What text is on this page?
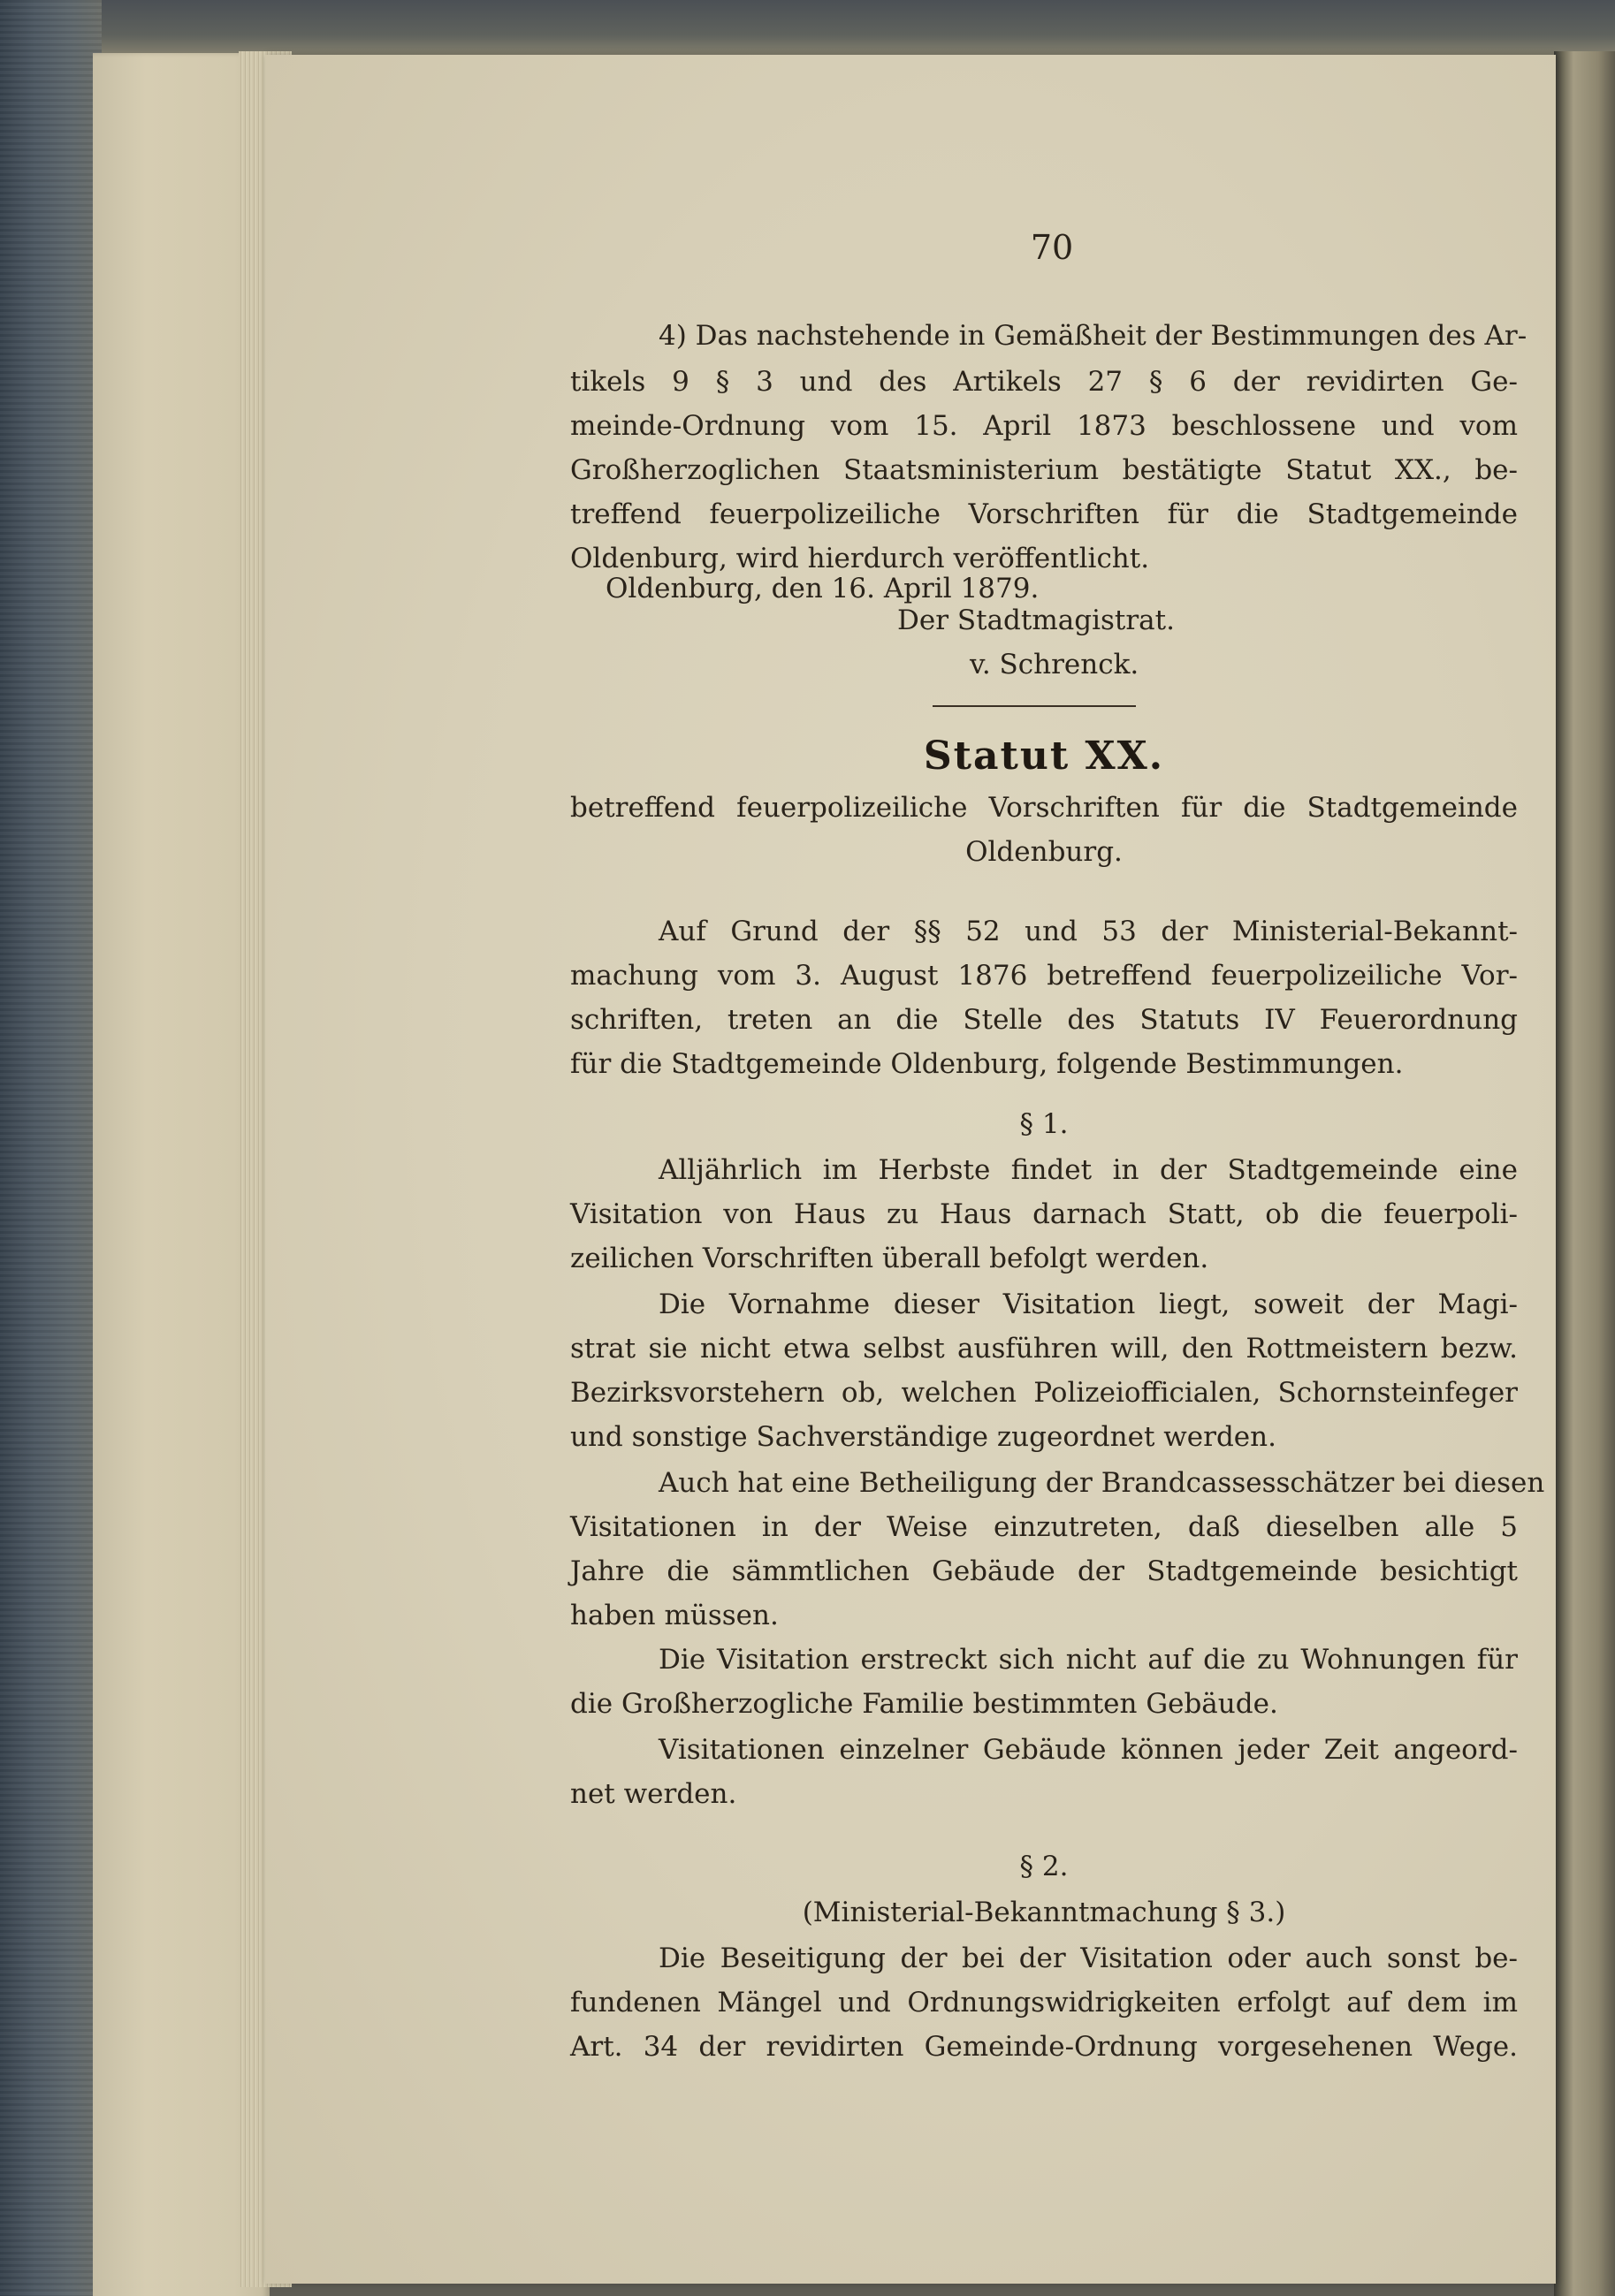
70
4) Das nachstehende in Gemäßheit der Bestimmungen des Ar-
tikels 9 § 3 und des Artikels 27 § 6 der revidirten Ge-
meinde-Ordnung vom 15. April 1873 beschlossene und vom
Großherzoglichen Staatsministerium bestätigte Statut XX., be-
treffend feuerpolizeiliche Vorschriften für die Stadtgemeinde
Oldenburg, wird hierdurch veröffentlicht.
Oldenburg, den 16. April 1879.
Der Stadtmagistrat.
v. Schrenck.
Statut XX.
betreffend feuerpolizeiliche Vorschriften für die Stadtgemeinde
Oldenburg.
Auf Grund der §§ 52 und 53 der Ministerial-Bekannt-
machung vom 3. August 1876 betreffend feuerpolizeiliche Vor-
schriften, treten an die Stelle des Statuts IV Feuerordnung
für die Stadtgemeinde Oldenburg, folgende Bestimmungen.
§ 1.
Alljährlich im Herbste findet in der Stadtgemeinde eine
Visitation von Haus zu Haus darnach Statt, ob die feuerpoli-
zeilichen Vorschriften überall befolgt werden.
Die Vornahme dieser Visitation liegt, soweit der Magi-
strat sie nicht etwa selbst ausführen will, den Rottmeistern bezw.
Bezirksvorstehern ob, welchen Polizeiofficialen, Schornsteinfeger
und sonstige Sachverständige zugeordnet werden.
Auch hat eine Betheiligung der Brandcassesschätzer bei diesen
Visitationen in der Weise einzutreten, daß dieselben alle 5
Jahre die sämmtlichen Gebäude der Stadtgemeinde besichtigt
haben müssen.
Die Visitation erstreckt sich nicht auf die zu Wohnungen für
die Großherzogliche Familie bestimmten Gebäude.
Visitationen einzelner Gebäude können jeder Zeit angeord-
net werden.
§ 2.
(Ministerial-Bekanntmachung § 3.)
Die Beseitigung der bei der Visitation oder auch sonst be-
fundenen Mängel und Ordnungswidrigkeiten erfolgt auf dem im
Art. 34 der revidirten Gemeinde-Ordnung vorgesehenen Wege.
